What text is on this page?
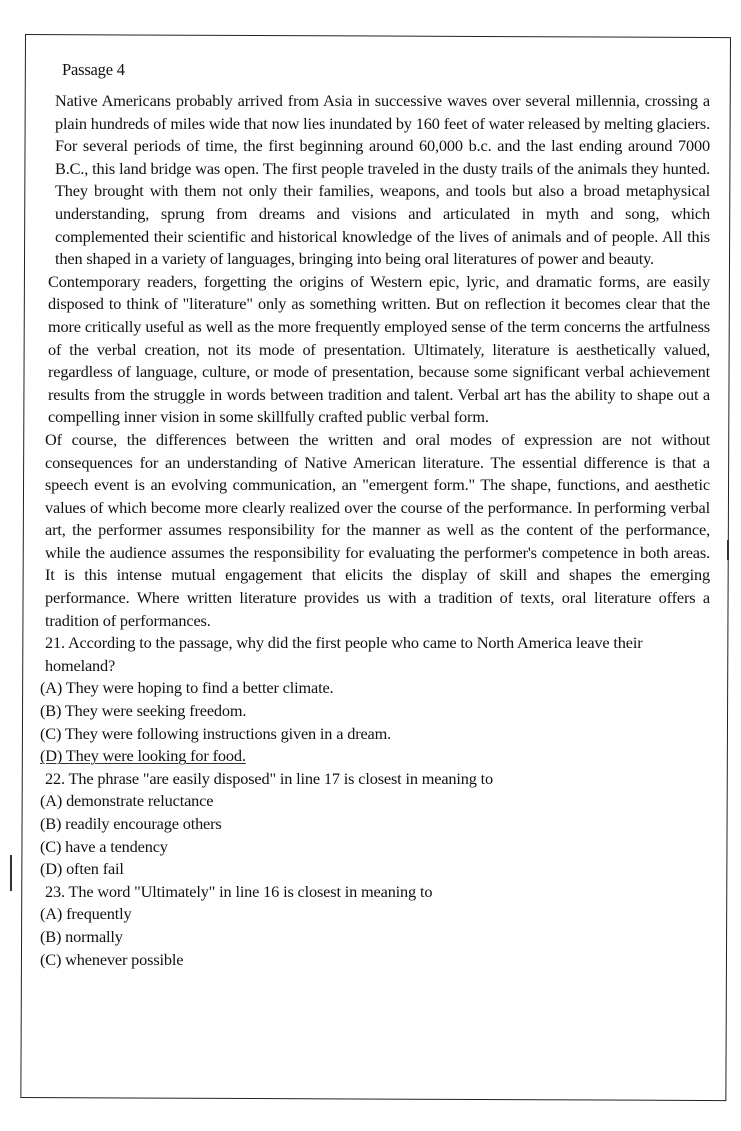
Passage 4

Native Americans probably arrived from Asia in successive waves over several millennia, crossing a plain hundreds of miles wide that now lies inundated by 160 feet of water released by melting glaciers. For several periods of time, the first beginning around 60,000 b.c. and the last ending around 7000 B.C., this land bridge was open. The first people traveled in the dusty trails of the animals they hunted. They brought with them not only their families, weapons, and tools but also a broad metaphysical understanding, sprung from dreams and visions and articulated in myth and song, which complemented their scientific and historical knowledge of the lives of animals and of people. All this then shaped in a variety of languages, bringing into being oral literatures of power and beauty.

Contemporary readers, forgetting the origins of Western epic, lyric, and dramatic forms, are easily disposed to think of "literature" only as something written. But on reflection it becomes clear that the more critically useful as well as the more frequently employed sense of the term concerns the artfulness of the verbal creation, not its mode of presentation. Ultimately, literature is aesthetically valued, regardless of language, culture, or mode of presentation, because some significant verbal achievement results from the struggle in words between tradition and talent. Verbal art has the ability to shape out a compelling inner vision in some skillfully crafted public verbal form.

Of course, the differences between the written and oral modes of expression are not without consequences for an understanding of Native American literature. The essential difference is that a speech event is an evolving communication, an "emergent form." The shape, functions, and aesthetic values of which become more clearly realized over the course of the performance. In performing verbal art, the performer assumes responsibility for the manner as well as the content of the performance, while the audience assumes the responsibility for evaluating the performer's competence in both areas. It is this intense mutual engagement that elicits the display of skill and shapes the emerging performance. Where written literature provides us with a tradition of texts, oral literature offers a tradition of performances.

21. According to the passage, why did the first people who came to North America leave their homeland?

(A) They were hoping to find a better climate.
(B) They were seeking freedom.
(C) They were following instructions given in a dream.
(D) They were looking for food.

22. The phrase "are easily disposed" in line 17 is closest in meaning to

(A) demonstrate reluctance
(B) readily encourage others
(C) have a tendency
(D) often fail

23. The word "Ultimately" in line 16 is closest in meaning to

(A) frequently
(B) normally
(C) whenever possible
